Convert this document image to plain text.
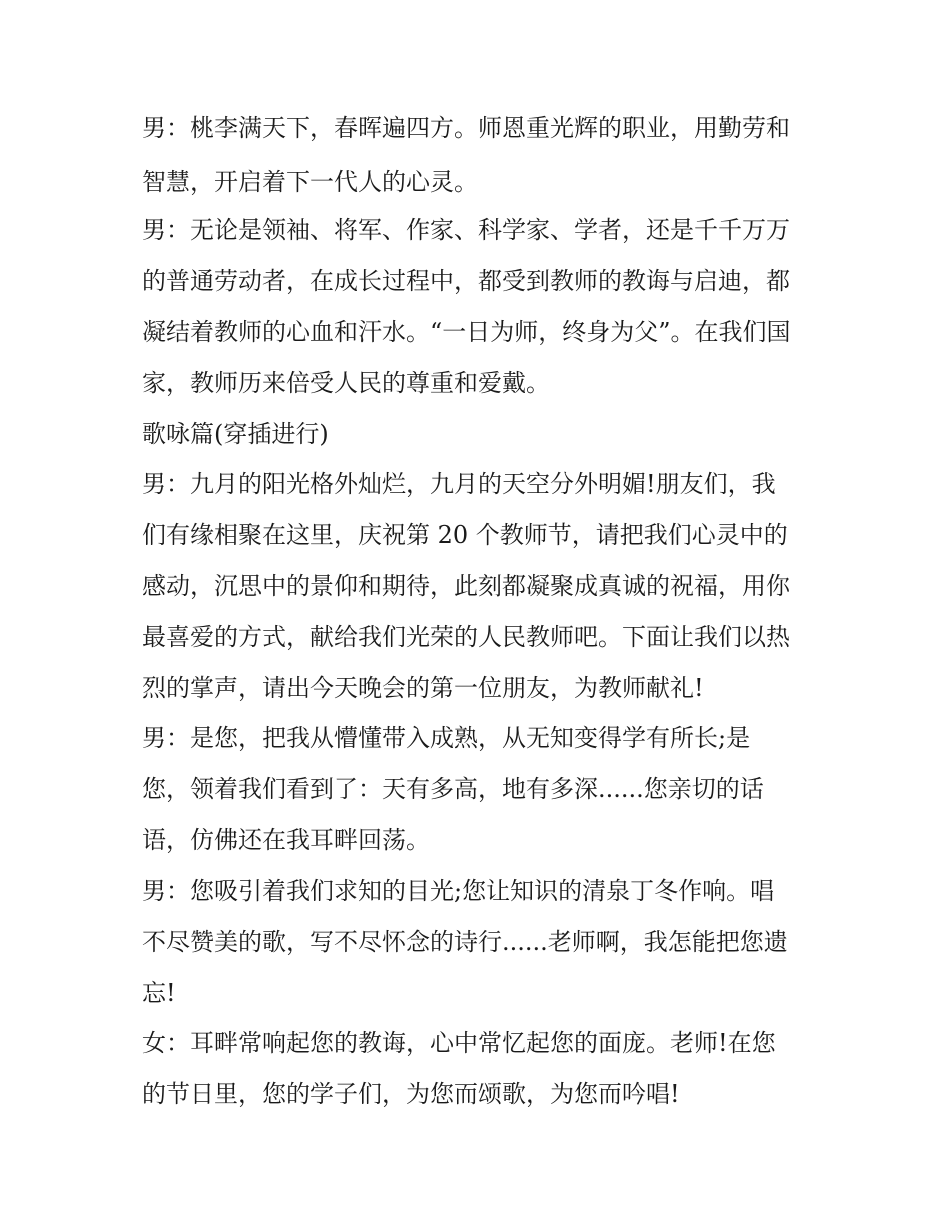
男：桃李满天下，春晖遍四方。师恩重光辉的职业，用勤劳和
智慧，开启着下一代人的心灵。
男：无论是领袖、将军、作家、科学家、学者，还是千千万万
的普通劳动者，在成长过程中，都受到教师的教诲与启迪，都
凝结着教师的心血和汗水。“一日为师，终身为父”。在我们国
家，教师历来倍受人民的尊重和爱戴。
歌咏篇(穿插进行)
男：九月的阳光格外灿烂，九月的天空分外明媚!朋友们，我
们有缘相聚在这里，庆祝第 20 个教师节，请把我们心灵中的
感动，沉思中的景仰和期待，此刻都凝聚成真诚的祝福，用你
最喜爱的方式，献给我们光荣的人民教师吧。下面让我们以热
烈的掌声，请出今天晚会的第一位朋友，为教师献礼!
男：是您，把我从懵懂带入成熟，从无知变得学有所长;是
您，领着我们看到了：天有多高，地有多深......您亲切的话
语，仿佛还在我耳畔回荡。
男：您吸引着我们求知的目光;您让知识的清泉丁冬作响。唱
不尽赞美的歌，写不尽怀念的诗行......老师啊，我怎能把您遗
忘!
女：耳畔常响起您的教诲，心中常忆起您的面庞。老师!在您
的节日里，您的学子们，为您而颂歌，为您而吟唱!
